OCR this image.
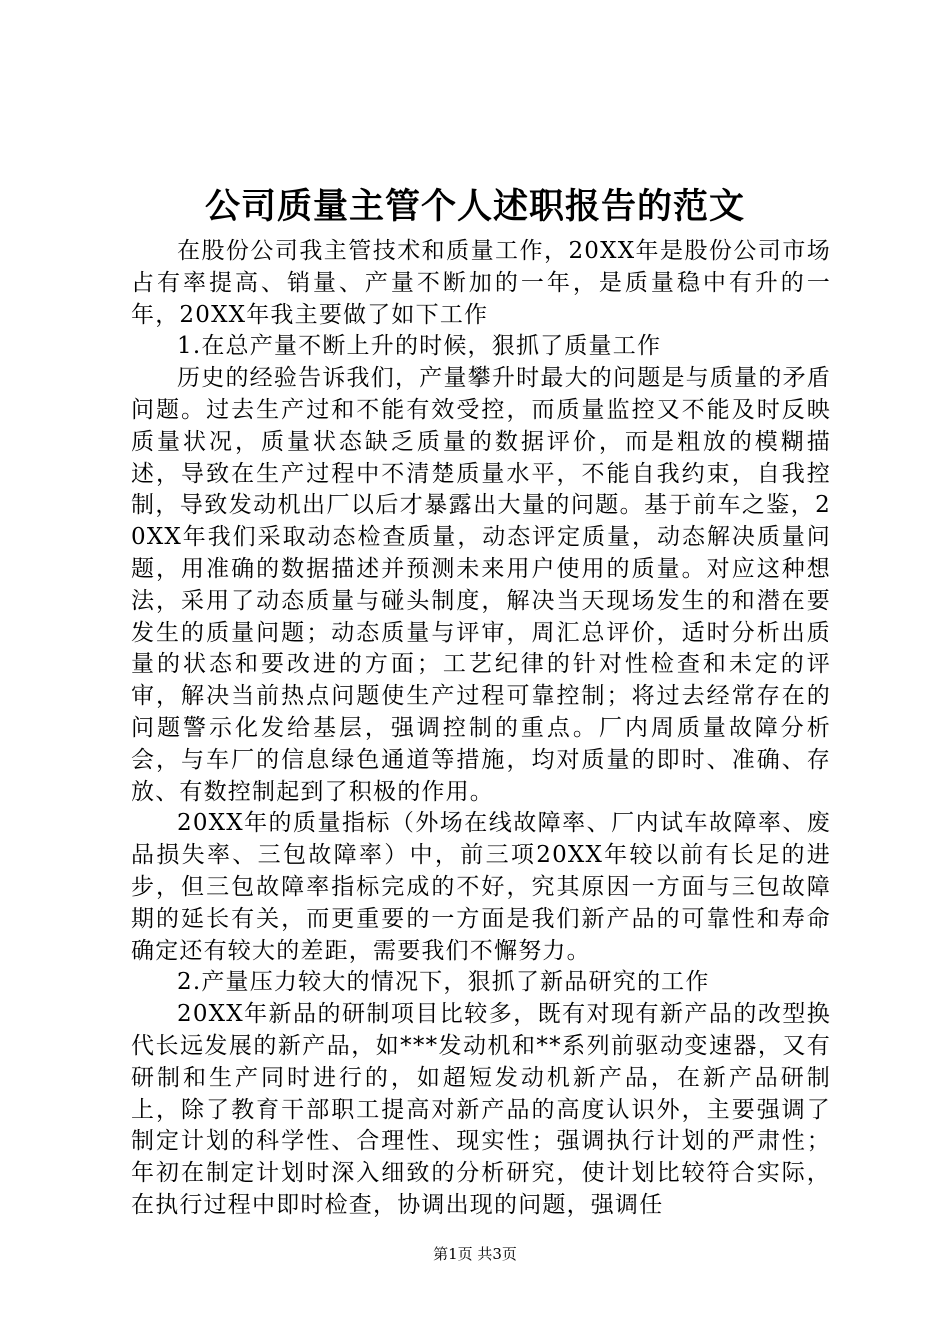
公司质量主管个人述职报告的范文

在股份公司我主管技术和质量工作，20XX年是股份公司市场占有率提高、销量、产量不断加的一年，是质量稳中有升的一年，20XX年我主要做了如下工作

1.在总产量不断上升的时候，狠抓了质量工作

历史的经验告诉我们，产量攀升时最大的问题是与质量的矛盾问题。过去生产过和不能有效受控，而质量监控又不能及时反映质量状况，质量状态缺乏质量的数据评价，而是粗放的模糊描述，导致在生产过程中不清楚质量水平，不能自我约束，自我控制，导致发动机出厂以后才暴露出大量的问题。基于前车之鉴，20XX年我们采取动态检查质量，动态评定质量，动态解决质量问题，用准确的数据描述并预测未来用户使用的质量。对应这种想法，采用了动态质量与碰头制度，解决当天现场发生的和潜在要发生的质量问题；动态质量与评审，周汇总评价，适时分析出质量的状态和要改进的方面；工艺纪律的针对性检查和未定的评审，解决当前热点问题使生产过程可靠控制；将过去经常存在的问题警示化发给基层，强调控制的重点。厂内周质量故障分析会，与车厂的信息绿色通道等措施，均对质量的即时、准确、存放、有数控制起到了积极的作用。

20XX年的质量指标（外场在线故障率、厂内试车故障率、废品损失率、三包故障率）中，前三项20XX年较以前有长足的进步，但三包故障率指标完成的不好，究其原因一方面与三包故障期的延长有关，而更重要的一方面是我们新产品的可靠性和寿命确定还有较大的差距，需要我们不懈努力。

2.产量压力较大的情况下，狠抓了新品研究的工作

20XX年新品的研制项目比较多，既有对现有新产品的改型换代长远发展的新产品，如***发动机和**系列前驱动变速器，又有研制和生产同时进行的，如超短发动机新产品，在新产品研制上，除了教育干部职工提高对新产品的高度认识外，主要强调了制定计划的科学性、合理性、现实性；强调执行计划的严肃性；年初在制定计划时深入细致的分析研究，使计划比较符合实际，在执行过程中即时检查，协调出现的问题，强调任

第1页 共3页
